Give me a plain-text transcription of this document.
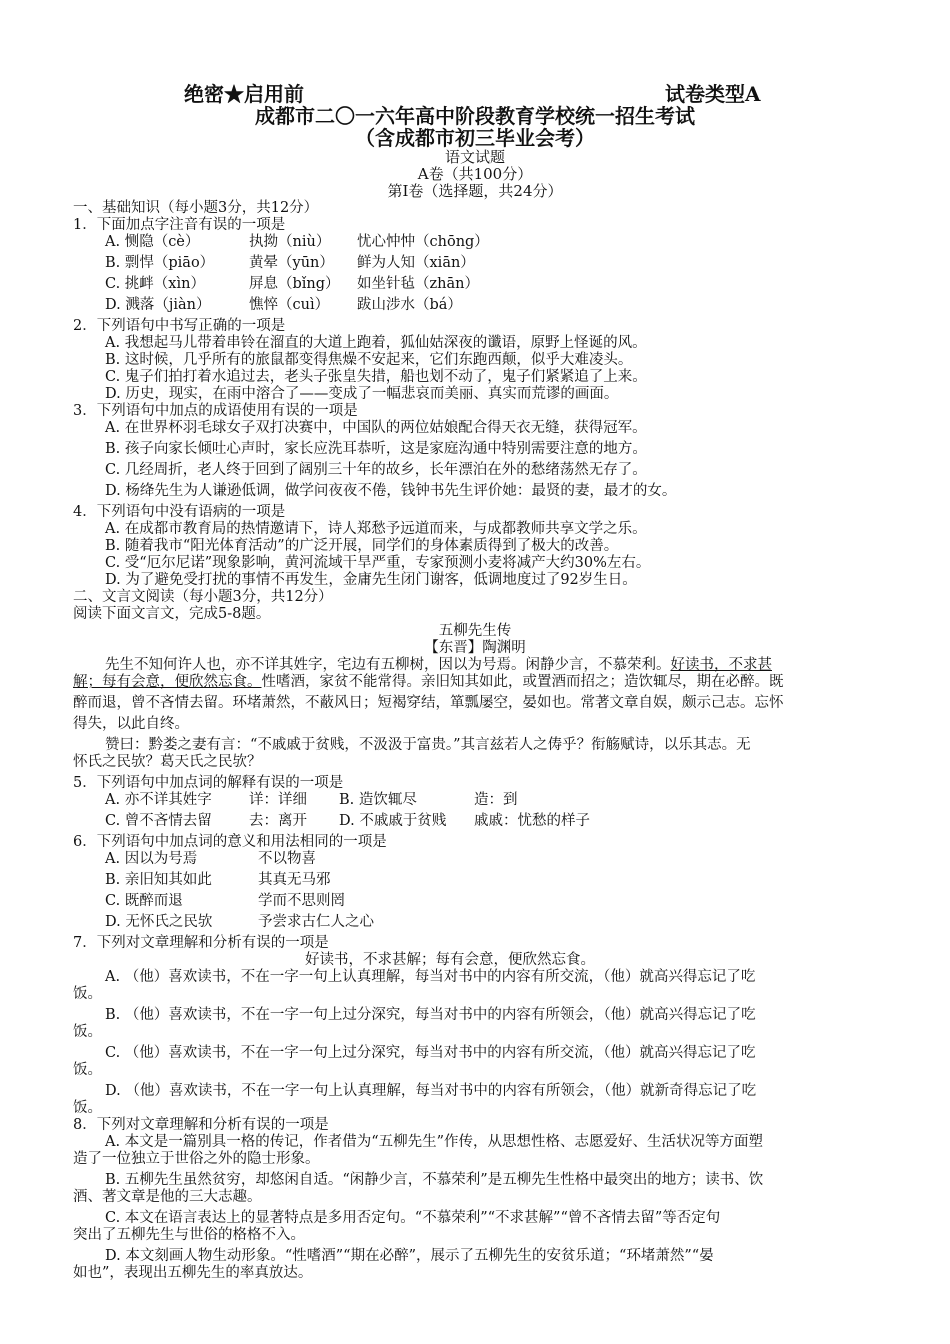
绝密★启用前	试卷类型A
成都市二〇一六年高中阶段教育学校统一招生考试
（含成都市初三毕业会考）
语文试题
A卷（共100分）
第Ⅰ卷（选择题，共24分）
一、基础知识（每小题3分，共12分）
1．下面加点字注音有误的一项是
A. 恻隐（cè）	执拗（niù） 忧心忡忡（chōng）
B. 剽悍（piāo） 黄晕（yūn） 鲜为人知（xiān）
C. 挑衅（xìn）	屏息（bǐng） 如坐针毡（zhān）
D. 溅落（jiàn）	憔悴（cuì） 跋山涉水（bá）
2．下列语句中书写正确的一项是
A. 我想起马儿带着串铃在溜直的大道上跑着，狐仙姑深夜的谶语，原野上怪诞的风。
B. 这时候，几乎所有的旅鼠都变得焦燥不安起来，它们东跑西颠，似乎大难凌头。
C. 鬼子们拍打着水追过去，老头子张皇失措，船也划不动了，鬼子们紧紧追了上来。
D. 历史，现实，在雨中溶合了——变成了一幅悲哀而美丽、真实而荒谬的画面。
3．下列语句中加点的成语使用有误的一项是
A. 在世界杯羽毛球女子双打决赛中，中国队的两位姑娘配合得天衣无缝，获得冠军。
B. 孩子向家长倾吐心声时，家长应洗耳恭听，这是家庭沟通中特别需要注意的地方。
C. 几经周折，老人终于回到了阔别三十年的故乡，长年漂泊在外的愁绪荡然无存了。
D. 杨绛先生为人谦逊低调，做学问夜夜不倦，钱钟书先生评价她：最贤的妻，最才的女。
4．下列语句中没有语病的一项是
A. 在成都市教育局的热情邀请下，诗人郑愁予远道而来，与成都教师共享文学之乐。
B. 随着我市“阳光体育活动”的广泛开展，同学们的身体素质得到了极大的改善。
C. 受“厄尔尼诺”现象影响，黄河流域干旱严重，专家预测小麦将减产大约30%左右。
D. 为了避免受打扰的事情不再发生，金庸先生闭门谢客，低调地度过了92岁生日。
二、文言文阅读（每小题3分，共12分）
阅读下面文言文，完成5-8题。
五柳先生传
【东晋】陶渊明
先生不知何许人也，亦不详其姓字，宅边有五柳树，因以为号焉。闲静少言，不慕荣利。好读书，不求甚
解；每有会意，便欣然忘食。性嗜酒，家贫不能常得。亲旧知其如此，或置酒而招之；造饮辄尽，期在必醉。既
醉而退，曾不吝情去留。环堵萧然，不蔽风日；短褐穿结，箪瓢屡空，晏如也。常著文章自娱，颇示己志。忘怀
得失，以此自终。
赞曰：黔娄之妻有言：“不戚戚于贫贱，不汲汲于富贵。”其言兹若人之俦乎？衔觞赋诗，以乐其志。无
怀氏之民欤？葛天氏之民欤？
5．下列语句中加点词的解释有误的一项是
A. 亦不详其姓字	详：详细 B. 造饮辄尽	造：到
C. 曾不吝情去留	去：离开 D. 不戚戚于贫贱 戚戚：忧愁的样子
6．下列语句中加点词的意义和用法相同的一项是
A. 因以为号焉	不以物喜
B. 亲旧知其如此	其真无马邪
C. 既醉而退	学而不思则罔
D. 无怀氏之民欤	予尝求古仁人之心
7．下列对文章理解和分析有误的一项是
好读书，不求甚解；每有会意，便欣然忘食。
A. （他）喜欢读书，不在一字一句上认真理解，每当对书中的内容有所交流，（他）就高兴得忘记了吃
饭。
B. （他）喜欢读书，不在一字一句上过分深究，每当对书中的内容有所领会，（他）就高兴得忘记了吃
饭。
C. （他）喜欢读书，不在一字一句上过分深究，每当对书中的内容有所交流，（他）就高兴得忘记了吃
饭。
D. （他）喜欢读书，不在一字一句上认真理解，每当对书中的内容有所领会，（他）就新奇得忘记了吃
饭。
8．下列对文章理解和分析有误的一项是
A. 本文是一篇别具一格的传记，作者借为“五柳先生”作传，从思想性格、志愿爱好、生活状况等方面塑
造了一位独立于世俗之外的隐士形象。
B. 五柳先生虽然贫穷，却悠闲自适。“闲静少言，不慕荣利”是五柳先生性格中最突出的地方；读书、饮
酒、著文章是他的三大志趣。
C. 本文在语言表达上的显著特点是多用否定句。“不慕荣利”“不求甚解”“曾不吝情去留”等否定句
突出了五柳先生与世俗的格格不入。
D. 本文刻画人物生动形象。“性嗜酒”“期在必醉”，展示了五柳先生的安贫乐道；“环堵萧然”“晏
如也”，表现出五柳先生的率真放达。
